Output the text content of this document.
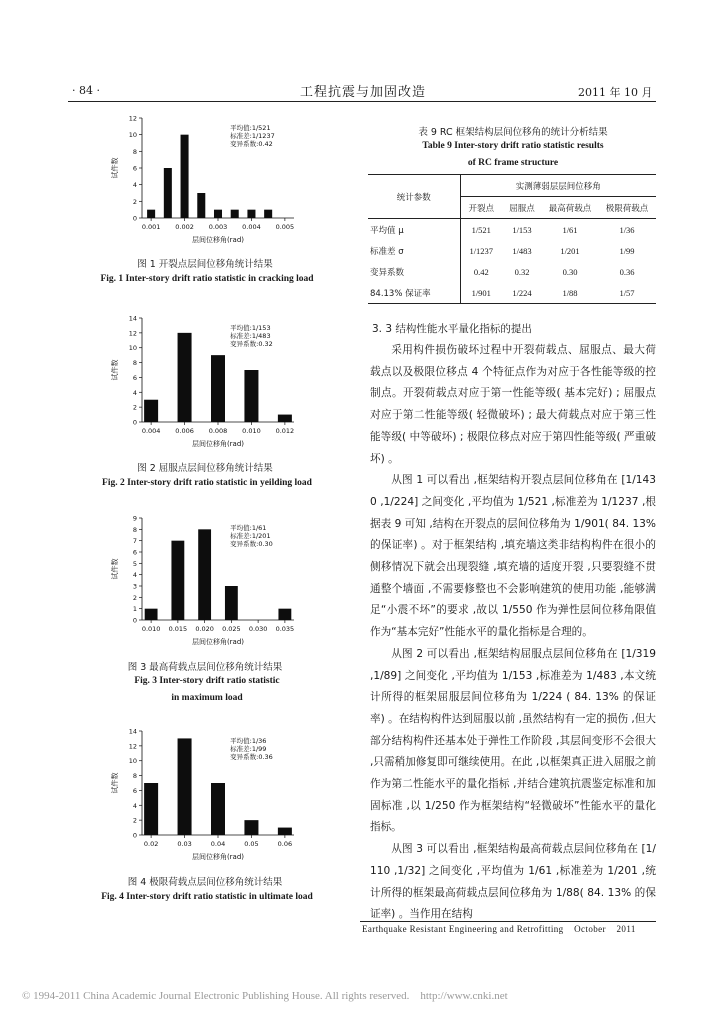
· 84 ·	工程抗震与加固改造	2011 年 10 月
0
2
4
6
8
10
12
0.001 0.002 0.003 0.004 0.005
层间位移角(rad)
试件数
平均值:1/521
标准差:1/1237
变异系数:0.42
图 1 开裂点层间位移角统计结果
Fig. 1 Inter-story drift ratio statistic in cracking load
0
2
4
6
8
10
12
14
0.004 0.006 0.008 0.010 0.012
层间位移角(rad)
试件数
平均值:1/153
标准差:1/483
变异系数:0.32
图 2 屈服点层间位移角统计结果
Fig. 2 Inter-story drift ratio statistic in yeilding load
0
1
2
3
4
5
6
7
8
9
0.010 0.015 0.020 0.025 0.030 0.035
层间位移角(rad)
试件数
平均值:1/61
标准差:1/201
变异系数:0.30
图 3 最高荷载点层间位移角统计结果
Fig. 3 Inter-story drift ratio statistic
in maximum load
0
2
4
6
8
10
12
14
0.02	0.03	0.04	0.05	0.06
层间位移角(rad)
试件数
平均值:1/36
标准差:1/99
变异系数:0.36
图 4 极限荷载点层间位移角统计结果
Fig. 4 Inter-story drift ratio statistic in ultimate load
表 9 RC 框架结构层间位移角的统计分析结果
Table 9 Inter-story drift ratio statistic results
of RC frame structure
统计参数	实测薄弱层层间位移角			
	开裂点	屈服点	最高荷载点	极限荷载点
平均值 μ	1/521	1/153	1/61	1/36
标准差 σ	1/1237	1/483	1/201	1/99
变异系数	0.42	0.32	0.30	0.36
84.13% 保证率	1/901	1/224	1/88	1/57
3. 3 结构性能水平量化指标的提出
采用构件损伤破坏过程中开裂荷载点、屈服点、最大荷载点以及极限位移点 4 个特征点作为对应于各性能等级的控制点。开裂荷载点对应于第一性能等级( 基本完好) ; 屈服点对应于第二性能等级( 轻微破坏) ; 最大荷载点对应于第三性能等级( 中等破坏) ; 极限位移点对应于第四性能等级( 严重破坏) 。
从图 1 可以看出 ,框架结构开裂点层间位移角在 [1/1430 ,1/224] 之间变化 ,平均值为 1/521 ,标准差为 1/1237 ,根据表 9 可知 ,结构在开裂点的层间位移角为 1/901( 84. 13% 的保证率) 。对于框架结构 ,填充墙这类非结构构件在很小的侧移情况下就会出现裂缝 ,填充墙的适度开裂 ,只要裂缝不贯通整个墙面 ,不需要修整也不会影响建筑的使用功能 ,能够满足“小震不坏”的要求 ,故以 1/550 作为弹性层间位移角限值作为“基本完好”性能水平的量化指标是合理的。
从图 2 可以看出 ,框架结构屈服点层间位移角在 [1/319 ,1/89] 之间变化 ,平均值为 1/153 ,标准差为 1/483 ,本文统计所得的框架屈服层间位移角为 1/224 ( 84. 13% 的保证率) 。在结构构件达到屈服以前 ,虽然结构有一定的损伤 ,但大部分结构构件还基本处于弹性工作阶段 ,其层间变形不会很大 ,只需稍加修复即可继续使用。在此 ,以框架真正进入屈服之前作为第二性能水平的量化指标 ,并结合建筑抗震鉴定标准和加固标准 ,以 1/250 作为框架结构“轻微破坏”性能水平的量化指标。
从图 3 可以看出 ,框架结构最高荷载点层间位移角在 [1/110 ,1/32] 之间变化 ,平均值为 1/61 ,标准差为 1/201 ,统计所得的框架最高荷载点层间位移角为 1/88( 84. 13% 的保证率) 。当作用在结构
Earthquake Resistant Engineering and Retrofitting    October    2011
© 1994-2011 China Academic Journal Electronic Publishing House. All rights reserved.    http://www.cnki.net
